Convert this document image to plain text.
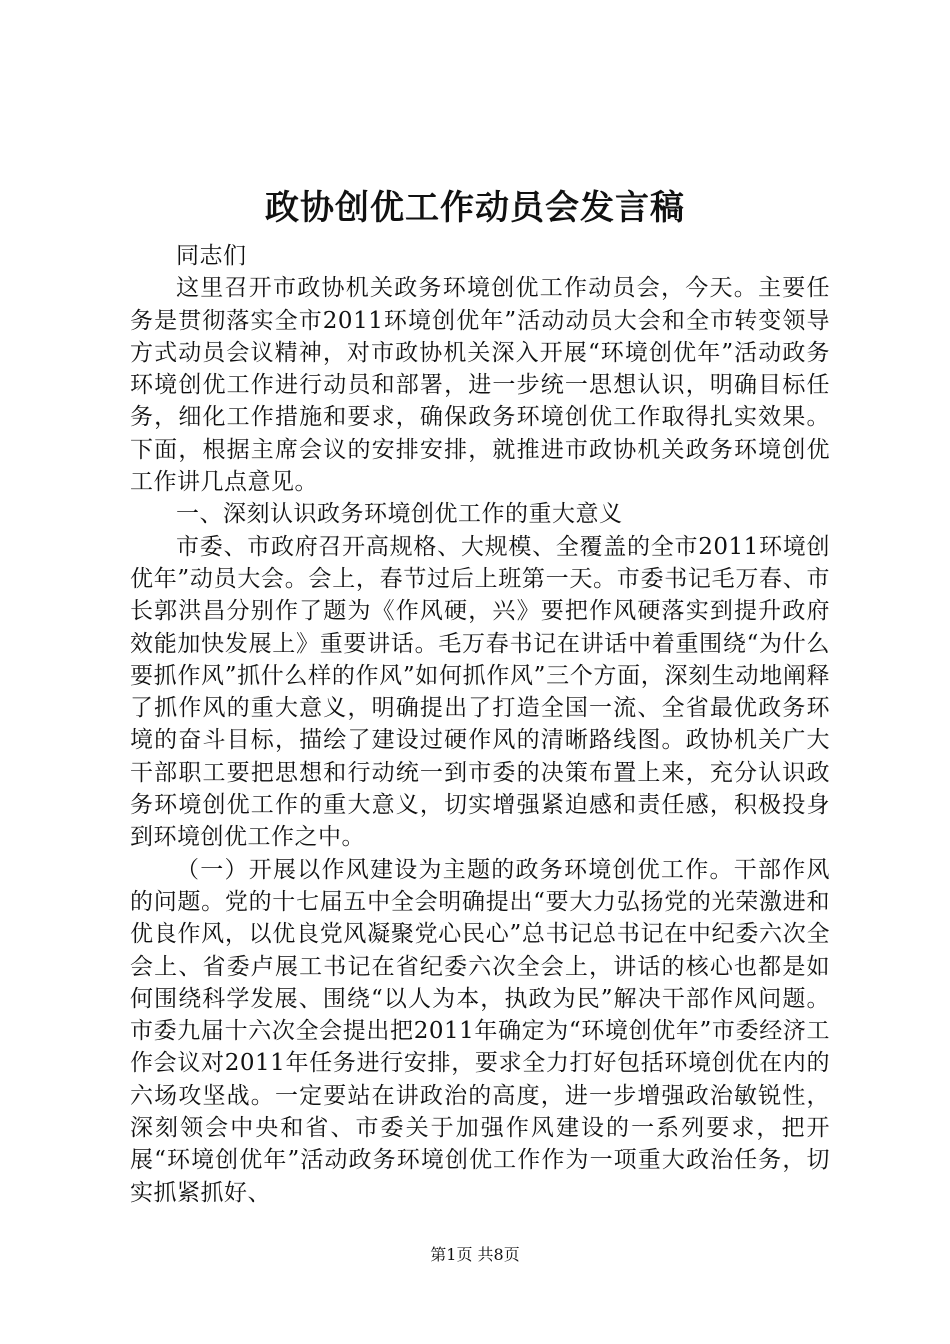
政协创优工作动员会发言稿

同志们

这里召开市政协机关政务环境创优工作动员会，今天。主要任务是贯彻落实全市2011环境创优年”活动动员大会和全市转变领导方式动员会议精神，对市政协机关深入开展“环境创优年”活动政务环境创优工作进行动员和部署，进一步统一思想认识，明确目标任务，细化工作措施和要求，确保政务环境创优工作取得扎实效果。下面，根据主席会议的安排安排，就推进市政协机关政务环境创优工作讲几点意见。

一、深刻认识政务环境创优工作的重大意义

市委、市政府召开高规格、大规模、全覆盖的全市2011环境创优年”动员大会。会上，春节过后上班第一天。市委书记毛万春、市长郭洪昌分别作了题为《作风硬，兴》要把作风硬落实到提升政府效能加快发展上》重要讲话。毛万春书记在讲话中着重围绕“为什么要抓作风”抓什么样的作风”如何抓作风”三个方面，深刻生动地阐释了抓作风的重大意义，明确提出了打造全国一流、全省最优政务环境的奋斗目标，描绘了建设过硬作风的清晰路线图。政协机关广大干部职工要把思想和行动统一到市委的决策布置上来，充分认识政务环境创优工作的重大意义，切实增强紧迫感和责任感，积极投身到环境创优工作之中。

（一）开展以作风建设为主题的政务环境创优工作。干部作风的问题。党的十七届五中全会明确提出“要大力弘扬党的光荣激进和优良作风，以优良党风凝聚党心民心”总书记总书记在中纪委六次全会上、省委卢展工书记在省纪委六次全会上，讲话的核心也都是如何围绕科学发展、围绕“以人为本，执政为民”解决干部作风问题。市委九届十六次全会提出把2011年确定为“环境创优年”市委经济工作会议对2011年任务进行安排，要求全力打好包括环境创优在内的六场攻坚战。一定要站在讲政治的高度，进一步增强政治敏锐性，深刻领会中央和省、市委关于加强作风建设的一系列要求，把开展“环境创优年”活动政务环境创优工作作为一项重大政治任务，切实抓紧抓好、

第1页 共8页
